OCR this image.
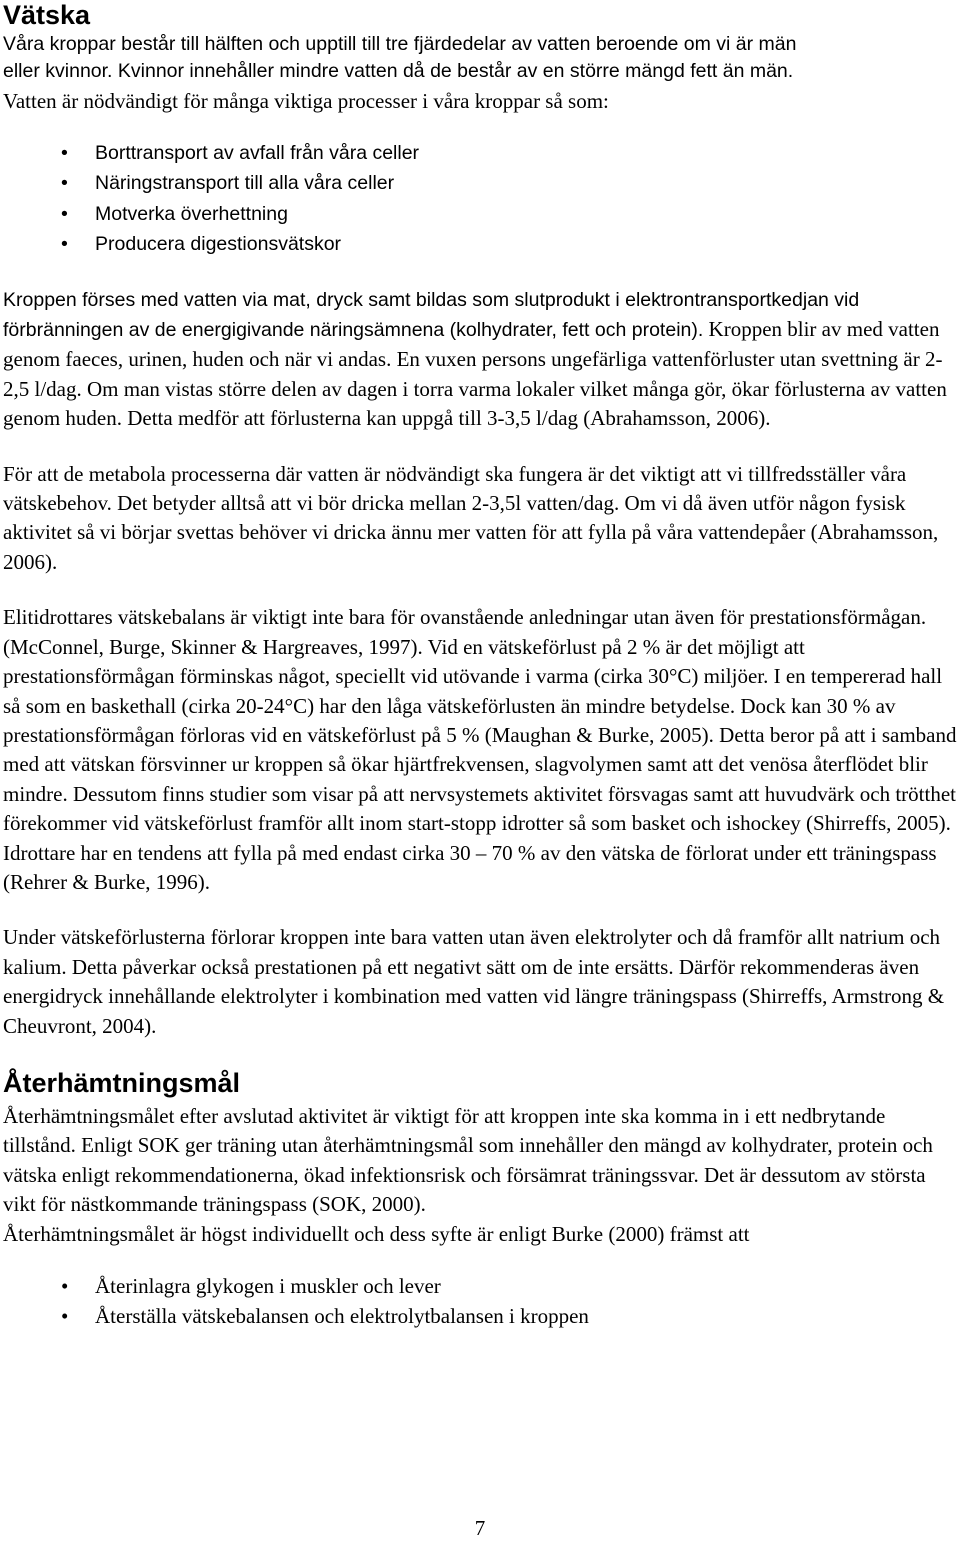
Vätska

Våra kroppar består till hälften och upptill till tre fjärdedelar av vatten beroende om vi är män

eller kvinnor. Kvinnor innehåller mindre vatten då de består av en större mängd fett än män.

Vatten är nödvändigt för många viktiga processer i våra kroppar så som:

• Borttransport av avfall från våra celler
• Näringstransport till alla våra celler
• Motverka överhettning
• Producera digestionsvätskor

Kroppen förses med vatten via mat, dryck samt bildas som slutprodukt i elektrontransportkedjan vid förbränningen av de energigivande näringsämnena (kolhydrater, fett och protein). Kroppen blir av med vatten genom faeces, urinen, huden och när vi andas. En vuxen persons ungefärliga vattenförluster utan svettning är 2-2,5 l/dag. Om man vistas större delen av dagen i torra varma lokaler vilket många gör, ökar förlusterna av vatten genom huden. Detta medför att förlusterna kan uppgå till 3-3,5 l/dag (Abrahamsson, 2006).

För att de metabola processerna där vatten är nödvändigt ska fungera är det viktigt att vi tillfredsställer våra vätskebehov. Det betyder alltså att vi bör dricka mellan 2-3,5l vatten/dag. Om vi då även utför någon fysisk aktivitet så vi börjar svettas behöver vi dricka ännu mer vatten för att fylla på våra vattendepåer (Abrahamsson, 2006).

Elitidrottares vätskebalans är viktigt inte bara för ovanstående anledningar utan även för prestationsförmågan. (McConnel, Burge, Skinner & Hargreaves, 1997). Vid en vätskeförlust på 2 % är det möjligt att prestationsförmågan förminskas något, speciellt vid utövande i varma (cirka 30°C) miljöer. I en tempererad hall så som en baskethall (cirka 20-24°C) har den låga vätskeförlusten än mindre betydelse. Dock kan 30 % av prestationsförmågan förloras vid en vätskeförlust på 5 % (Maughan & Burke, 2005). Detta beror på att i samband med att vätskan försvinner ur kroppen så ökar hjärtfrekvensen, slagvolymen samt att det venösa återflödet blir mindre. Dessutom finns studier som visar på att nervsystemets aktivitet försvagas samt att huvudvärk och trötthet förekommer vid vätskeförlust framför allt inom start-stopp idrotter så som basket och ishockey (Shirreffs, 2005). Idrottare har en tendens att fylla på med endast cirka 30 – 70 % av den vätska de förlorat under ett träningspass (Rehrer & Burke, 1996).

Under vätskeförlusterna förlorar kroppen inte bara vatten utan även elektrolyter och då framför allt natrium och kalium. Detta påverkar också prestationen på ett negativt sätt om de inte ersätts. Därför rekommenderas även energidryck innehållande elektrolyter i kombination med vatten vid längre träningspass (Shirreffs, Armstrong & Cheuvront, 2004).

Återhämtningsmål

Återhämtningsmålet efter avslutad aktivitet är viktigt för att kroppen inte ska komma in i ett nedbrytande tillstånd. Enligt SOK ger träning utan återhämtningsmål som innehåller den mängd av kolhydrater, protein och vätska enligt rekommendationerna, ökad infektionsrisk och försämrat träningssvar. Det är dessutom av största vikt för nästkommande träningspass (SOK, 2000).

Återhämtningsmålet är högst individuellt och dess syfte är enligt Burke (2000) främst att

• Återinlagra glykogen i muskler och lever
• Återställa vätskebalansen och elektrolytbalansen i kroppen
7
